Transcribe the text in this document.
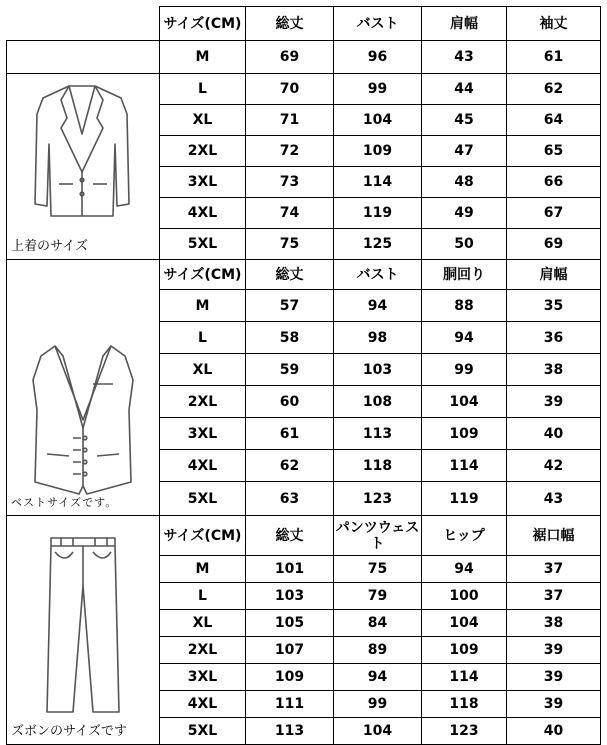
	サイズ(CM)	総丈	バスト	肩幅	袖丈
	M	69	96	43	61

上着のサイズ	L	70	99	44	62
	XL	71	104	45	64
	2XL	72	109	47	65
	3XL	73	114	48	66
	4XL	74	119	49	67
	5XL	75	125	50	69

ベストサイズです。	サイズ(CM)	総丈	バスト	胴回り	肩幅
	M	57	94	88	35
	L	58	98	94	36
	XL	59	103	99	38
	2XL	60	108	104	39
	3XL	61	113	109	40
	4XL	62	118	114	42
	5XL	63	123	119	43

ズボンのサイズです	サイズ(CM)	総丈	パンツウェスト	ヒップ	裾口幅
	M	101	75	94	37
	L	103	79	100	37
	XL	105	84	104	38
	2XL	107	89	109	39
	3XL	109	94	114	39
	4XL	111	99	118	39
	5XL	113	104	123	40
